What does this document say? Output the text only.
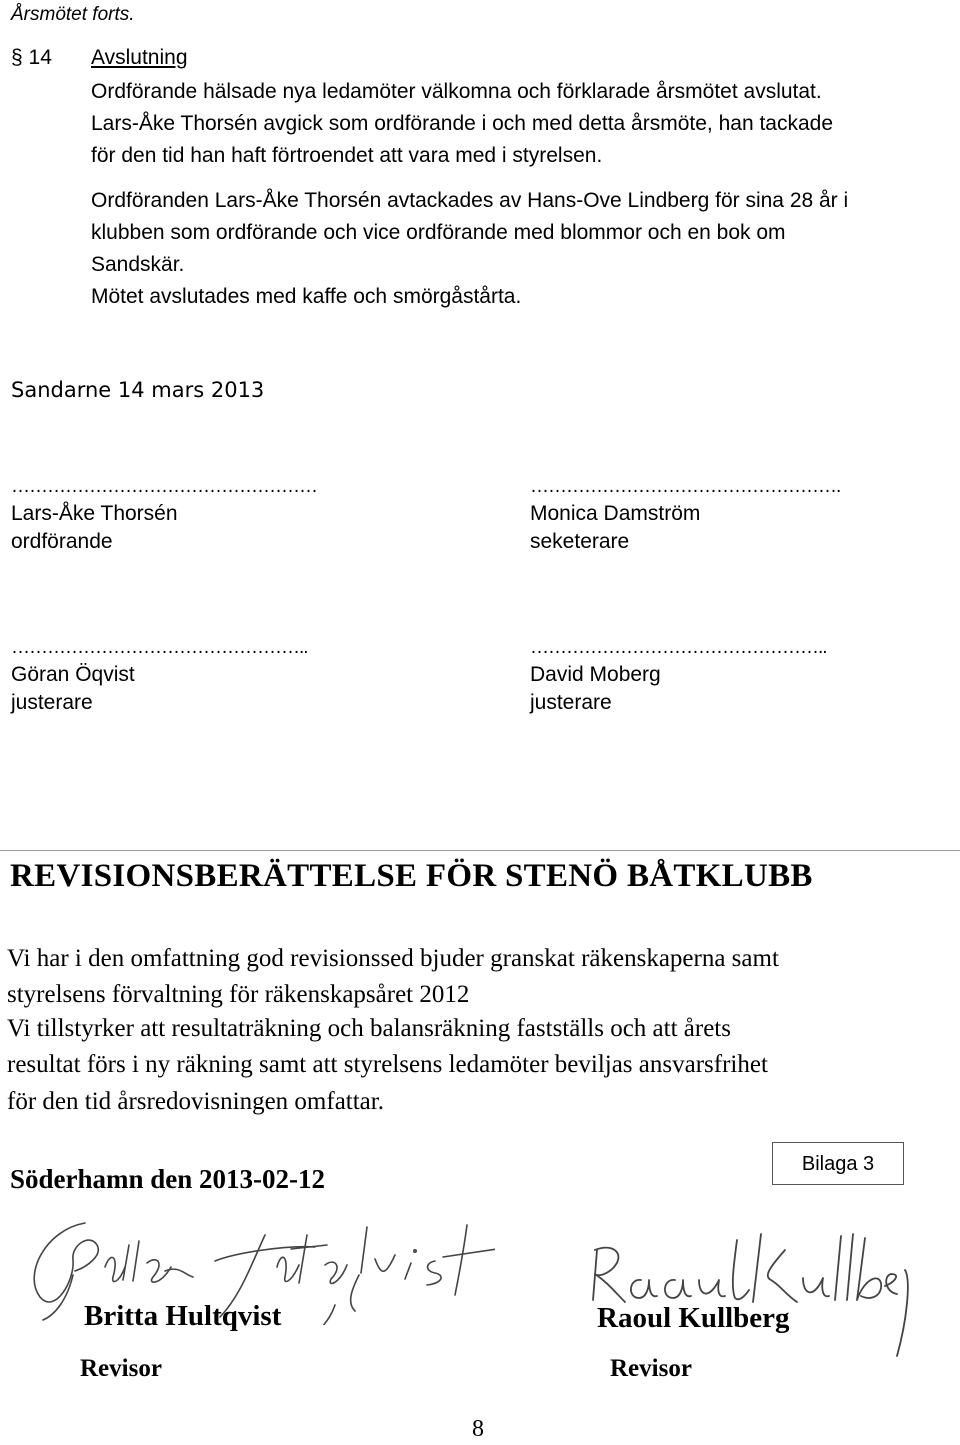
Årsmötet forts.
§ 14 Avslutning
Ordförande hälsade nya ledamöter välkomna och förklarade årsmötet avslutat.
Lars-Åke Thorsén avgick som ordförande i och med detta årsmöte, han tackade
för den tid han haft förtroendet att vara med i styrelsen.
Ordföranden Lars-Åke Thorsén avtackades av Hans-Ove Lindberg för sina 28 år i
klubben som ordförande och vice ordförande med blommor och en bok om
Sandskär.
Mötet avslutades med kaffe och smörgåstårta.
Sandarne 14 mars 2013
……………………………………………
Lars-Åke Thorsén
ordförande
…………………………………………….
Monica Damström
seketerare
…………………………………………..
Göran Öqvist
justerare
…………………………………………..
David Moberg
justerare
REVISIONSBERÄTTELSE FÖR STENÖ BÅTKLUBB
Vi har i den omfattning god revisionssed bjuder granskat räkenskaperna samt
styrelsens förvaltning för räkenskapsåret 2012
Vi tillstyrker att resultaträkning och balansräkning fastställs och att årets
resultat förs i ny räkning samt att styrelsens ledamöter beviljas ansvarsfrihet
för den tid årsredovisningen omfattar.
Söderhamn den 2013-02-12	Bilaga 3
Britta Hultqvist
Revisor
Raoul Kullberg
Revisor
8
